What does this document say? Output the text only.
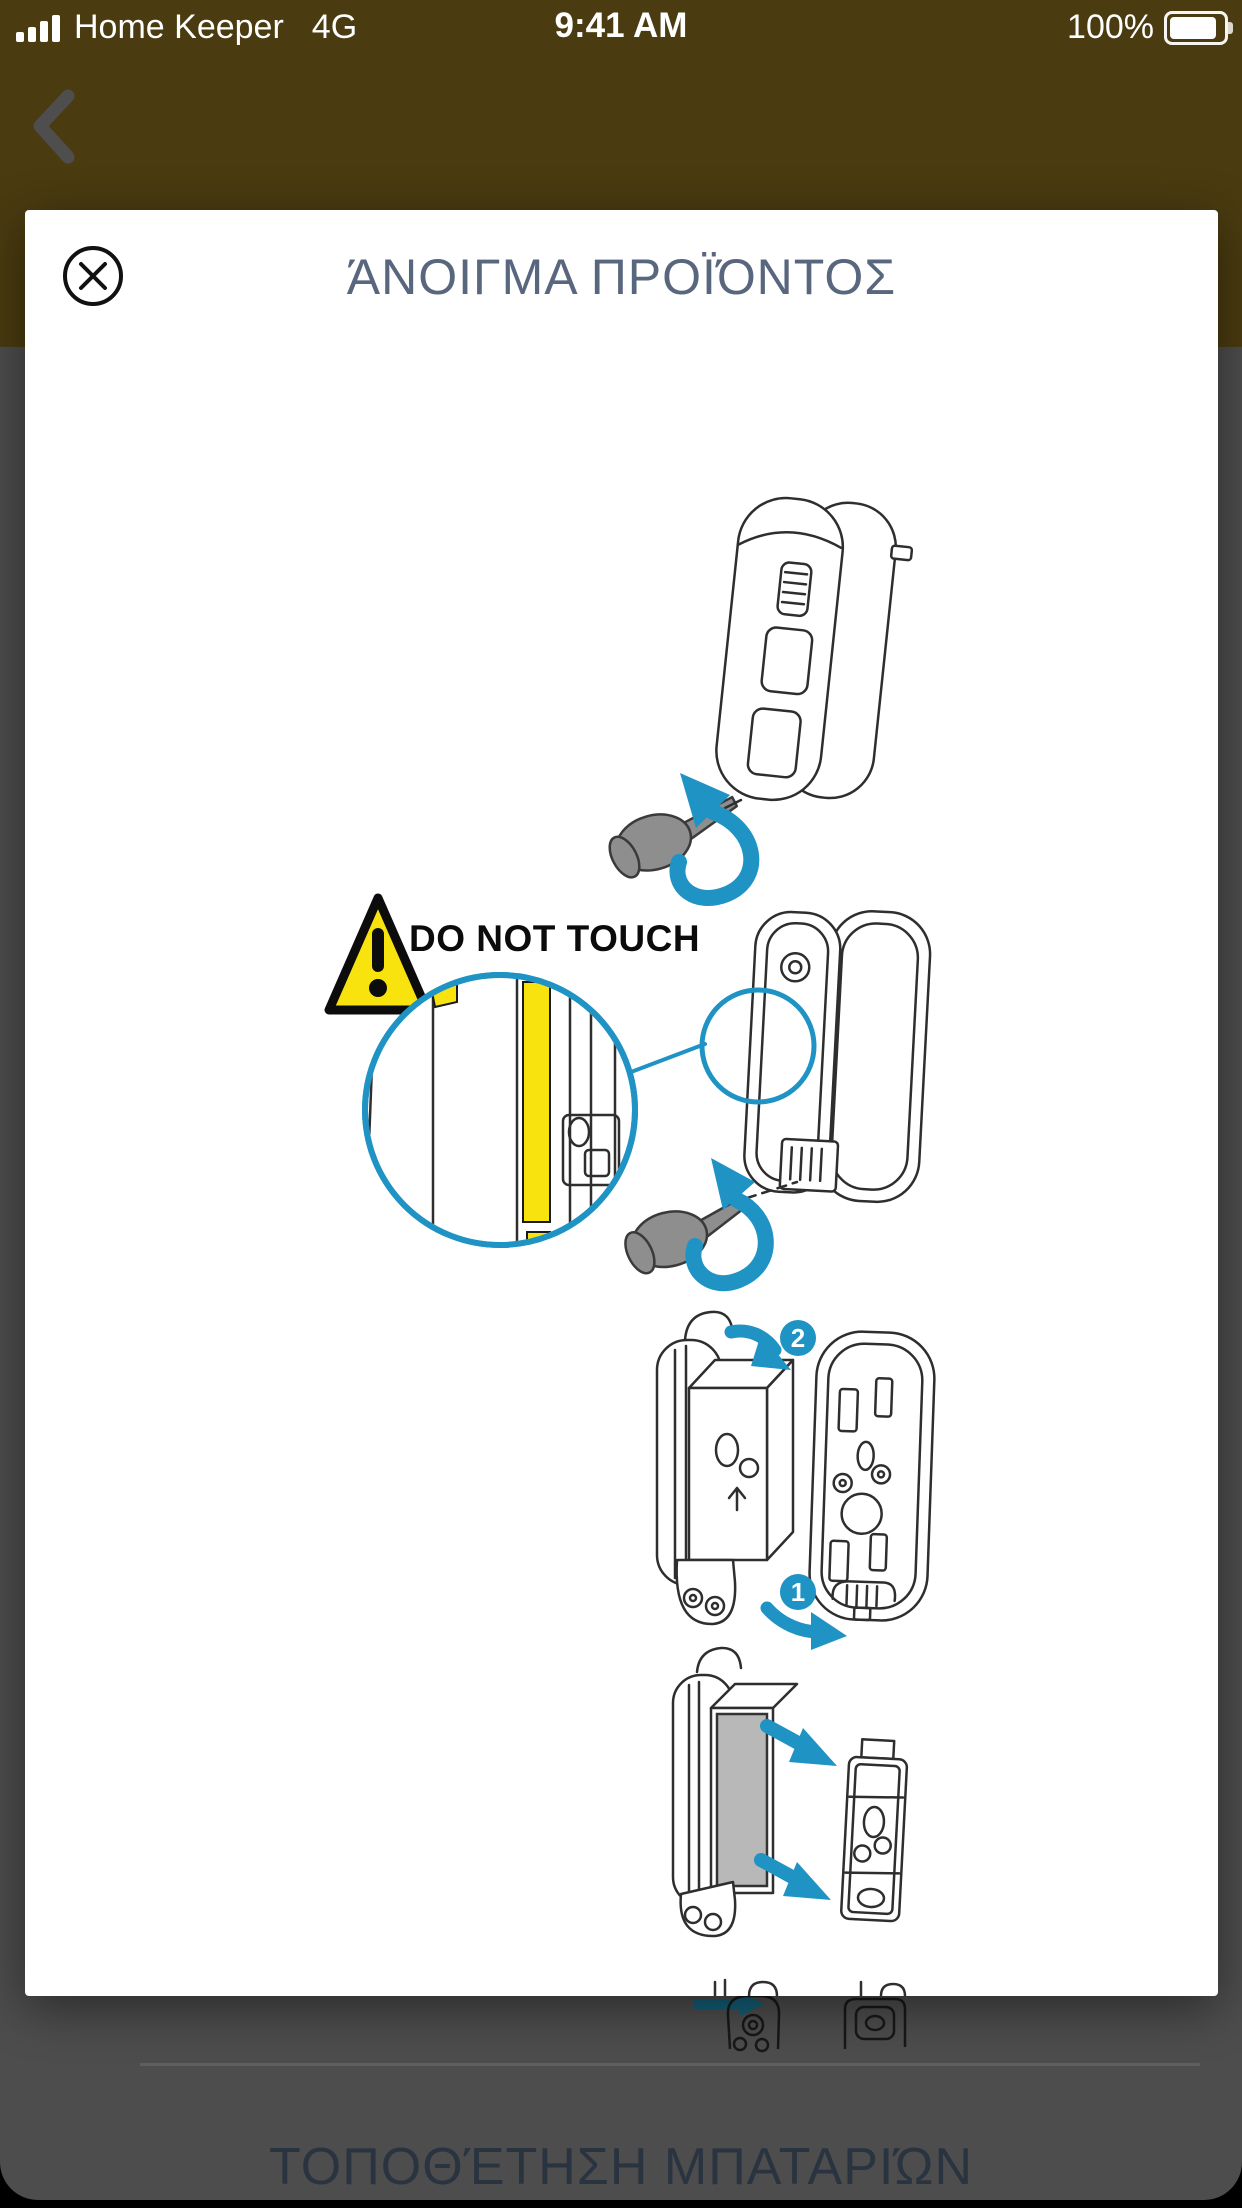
Home Keeper 4G	9:41 AM	100%
ΤΟΠΟΘΈΤΗΣΗ ΜΠΑΤΑΡΙΏΝ
ΆΝΟΙΓΜΑ ΠΡΟΪΌΝΤΟΣ
DO NOT TOUCH
2
1
